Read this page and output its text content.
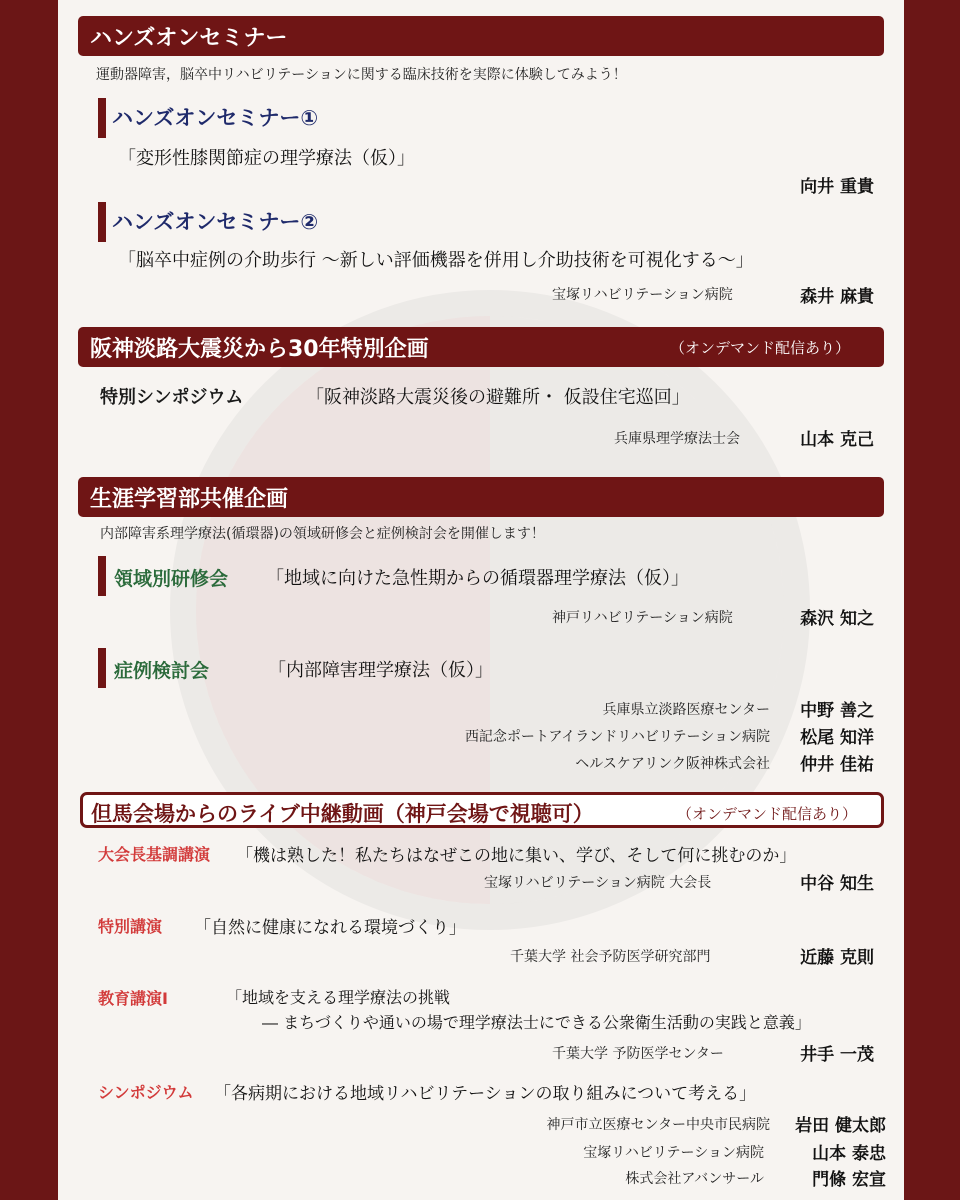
ハンズオンセミナー
運動器障害，脳卒中リハビリテーションに関する臨床技術を実際に体験してみよう！
ハンズオンセミナー①
「変形性膝関節症の理学療法（仮）」
向井 重貴
ハンズオンセミナー②
「脳卒中症例の介助歩行 ～新しい評価機器を併用し介助技術を可視化する～」
宝塚リハビリテーション病院	森井 麻貴
阪神淡路大震災から30年特別企画	（オンデマンド配信あり）
特別シンポジウム	「阪神淡路大震災後の避難所・ 仮設住宅巡回」
兵庫県理学療法士会	山本 克己
生涯学習部共催企画
内部障害系理学療法(循環器)の領域研修会と症例検討会を開催します！
領域別研修会 「地域に向けた急性期からの循環器理学療法（仮）」
神戸リハビリテーション病院	森沢 知之
症例検討会	「内部障害理学療法（仮）」
兵庫県立淡路医療センター 中野 善之
西記念ポートアイランドリハビリテーション病院 松尾 知洋
ヘルスケアリンク阪神株式会社 仲井 佳祐
但馬会場からのライブ中継動画（神戸会場で視聴可）	（オンデマンド配信あり）
大会長基調講演 「機は熟した！私たちはなぜこの地に集い、学び、そして何に挑むのか」
宝塚リハビリテーション病院 大会長	中谷 知生
特別講演 「自然に健康になれる環境づくり」
千葉大学 社会予防医学研究部門	近藤 克則
教育講演Ⅰ	「地域を支える理学療法の挑戦
― まちづくりや通いの場で理学療法士にできる公衆衛生活動の実践と意義」
千葉大学 予防医学センター	井手 一茂
シンポジウム 「各病期における地域リハビリテーションの取り組みについて考える」
神戸市立医療センター中央市民病院 岩田 健太郎
宝塚リハビリテーション病院	山本 泰忠
株式会社アバンサール	門條 宏宣
